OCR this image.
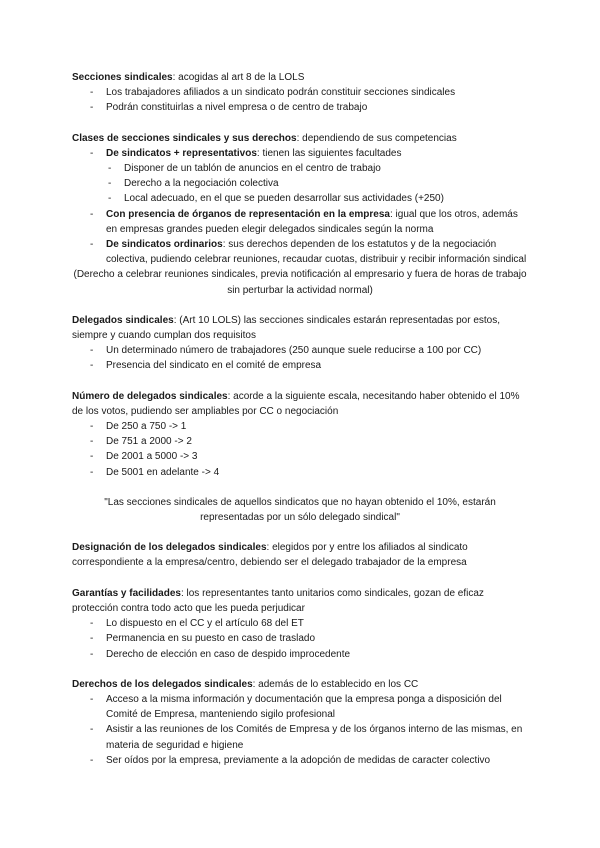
Secciones sindicales: acogidas al art 8 de la LOLS

- Los trabajadores afiliados a un sindicato podrán constituir secciones sindicales
- Podrán constituirlas a nivel empresa o de centro de trabajo

Clases de secciones sindicales y sus derechos: dependiendo de sus competencias

- De sindicatos + representativos: tienen las siguientes facultades
- Disponer de un tablón de anuncios en el centro de trabajo
- Derecho a la negociación colectiva
- Local adecuado, en el que se pueden desarrollar sus actividades (+250)
- Con presencia de órganos de representación en la empresa: igual que los otros, además en empresas grandes pueden elegir delegados sindicales según la norma
- De sindicatos ordinarios: sus derechos dependen de los estatutos y de la negociación colectiva, pudiendo celebrar reuniones, recaudar cuotas, distribuir y recibir información sindical

(Derecho a celebrar reuniones sindicales, previa notificación al empresario y fuera de horas de trabajo sin perturbar la actividad normal)

Delegados sindicales: (Art 10 LOLS) las secciones sindicales estarán representadas por estos, siempre y cuando cumplan dos requisitos

- Un determinado número de trabajadores (250 aunque suele reducirse a 100 por CC)
- Presencia del sindicato en el comité de empresa

Número de delegados sindicales: acorde a la siguiente escala, necesitando haber obtenido el 10% de los votos, pudiendo ser ampliables por CC o negociación

- De 250 a 750 -> 1
- De 751 a 2000 -> 2
- De 2001 a 5000 -> 3
- De 5001 en adelante -> 4

"Las secciones sindicales de aquellos sindicatos que no hayan obtenido el 10%, estarán representadas por un sólo delegado sindical"

Designación de los delegados sindicales: elegidos por y entre los afiliados al sindicato correspondiente a la empresa/centro, debiendo ser el delegado trabajador de la empresa

Garantías y facilidades: los representantes tanto unitarios como sindicales, gozan de eficaz protección contra todo acto que les pueda perjudicar

- Lo dispuesto en el CC y el artículo 68 del ET
- Permanencia en su puesto en caso de traslado
- Derecho de elección en caso de despido improcedente

Derechos de los delegados sindicales: además de lo establecido en los CC

- Acceso a la misma información y documentación que la empresa ponga a disposición del Comité de Empresa, manteniendo sigilo profesional
- Asistir a las reuniones de los Comités de Empresa y de los órganos interno de las mismas, en materia de seguridad e higiene
- Ser oídos por la empresa, previamente a la adopción de medidas de caracter colectivo
